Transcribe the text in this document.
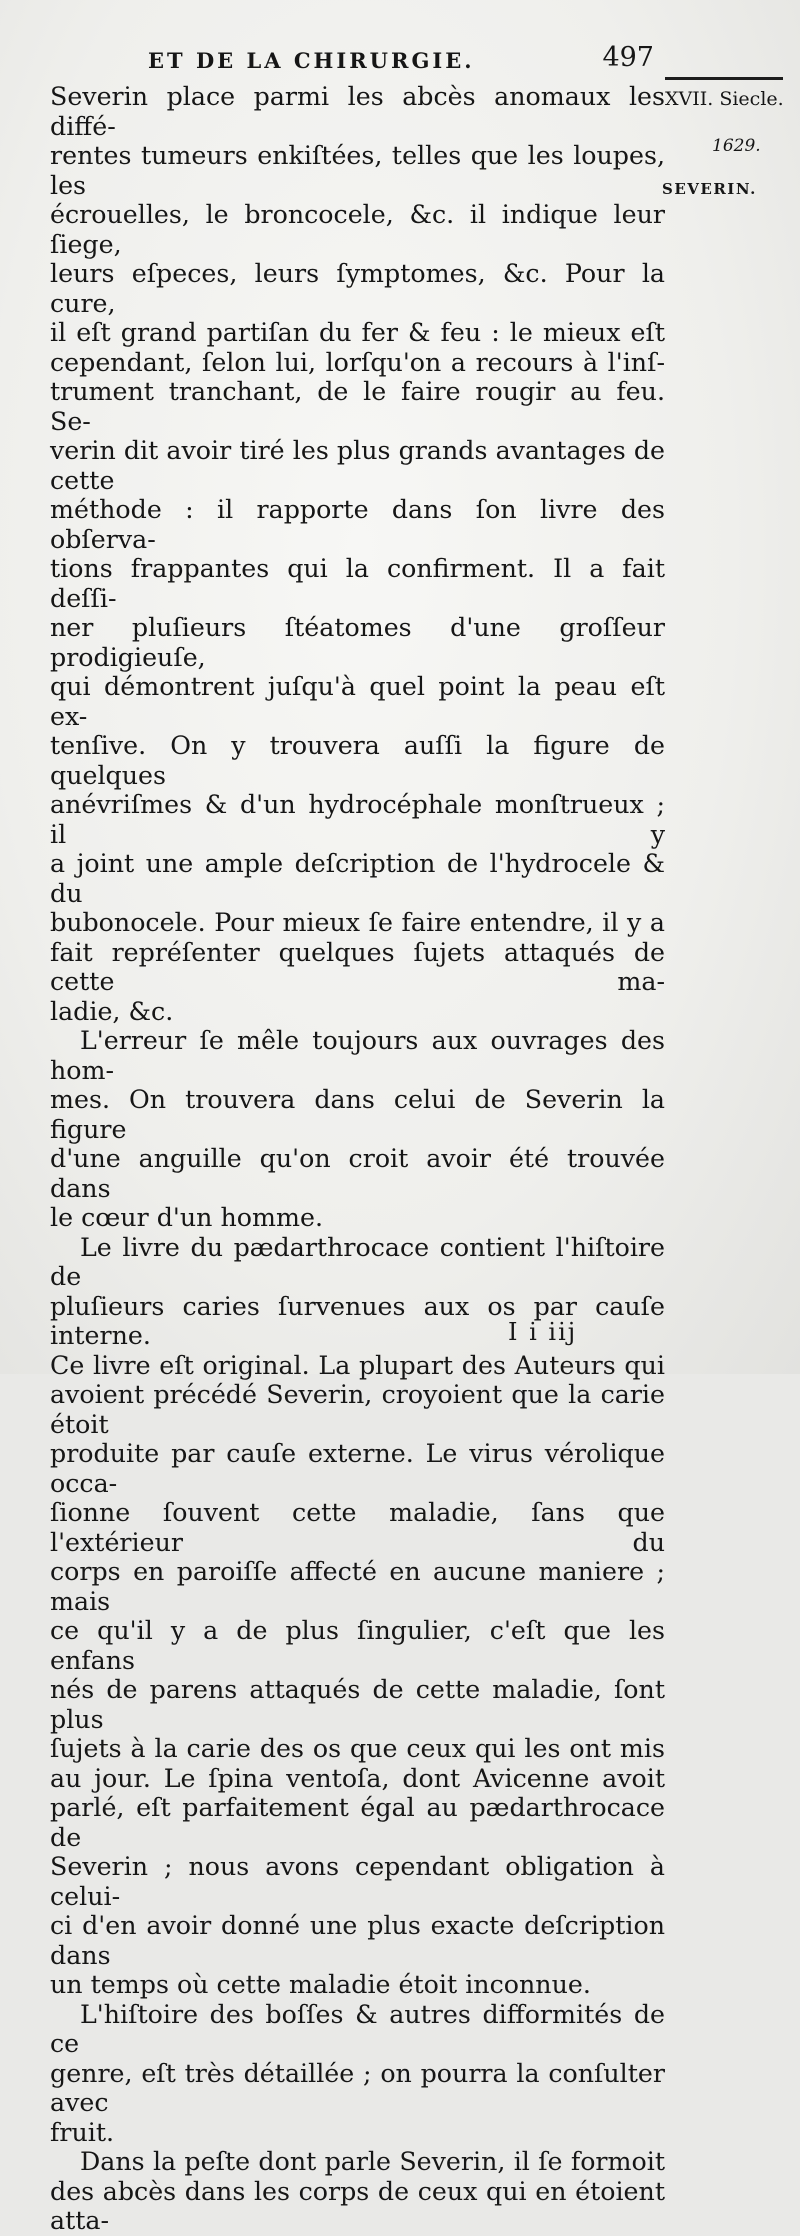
ET DE LA CHIRURGIE.	497
XVII. Siecle.
1629.
SEVERIN.

Severin place parmi les abcès anomaux les diffé-
rentes tumeurs enkiſtées, telles que les loupes, les
écrouelles, le broncocele, &c. il indique leur ſiege,
leurs eſpeces, leurs ſymptomes, &c. Pour la cure,
il eſt grand partiſan du fer & feu : le mieux eſt
cependant, ſelon lui, lorſqu'on a recours à l'inſ-
trument tranchant, de le faire rougir au feu. Se-
verin dit avoir tiré les plus grands avantages de cette
méthode : il rapporte dans ſon livre des obſerva-
tions frappantes qui la confirment. Il a fait deſſi-
ner pluſieurs ſtéatomes d'une groſſeur prodigieuſe,
qui démontrent juſqu'à quel point la peau eſt ex-
tenſive. On y trouvera auſſi la figure de quelques
anévriſmes & d'un hydrocéphale monſtrueux ; il y
a joint une ample deſcription de l'hydrocele & du
bubonocele. Pour mieux ſe faire entendre, il y a
fait repréſenter quelques ſujets attaqués de cette ma-

ladie, &c.

L'erreur ſe mêle toujours aux ouvrages des hom-
mes. On trouvera dans celui de Severin la figure
d'une anguille qu'on croit avoir été trouvée dans

le cœur d'un homme.

Le livre du pædarthrocace contient l'hiſtoire de
pluſieurs caries ſurvenues aux os par cauſe interne.
Ce livre eſt original. La plupart des Auteurs qui
avoient précédé Severin, croyoient que la carie étoit
produite par cauſe externe. Le virus vérolique occa-
ſionne ſouvent cette maladie, ſans que l'extérieur du
corps en paroiſſe affecté en aucune maniere ; mais
ce qu'il y a de plus ſingulier, c'eſt que les enfans
nés de parens attaqués de cette maladie, ſont plus
ſujets à la carie des os que ceux qui les ont mis
au jour. Le ſpina ventoſa, dont Avicenne avoit
parlé, eſt parfaitement égal au pædarthrocace de
Severin ; nous avons cependant obligation à celui-
ci d'en avoir donné une plus exacte deſcription dans

un temps où cette maladie étoit inconnue.

L'hiſtoire des boſſes & autres difformités de ce
genre, eſt très détaillée ; on pourra la conſulter avec

fruit.

Dans la peſte dont parle Severin, il ſe formoit
des abcès dans les corps de ceux qui en étoient atta-

I i iij
